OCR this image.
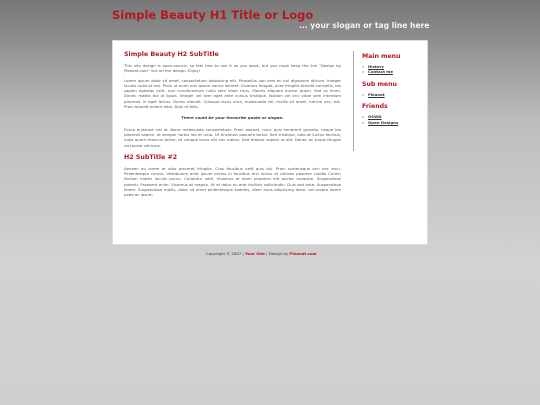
Simple Beauty H1 Title or Logo
... your slogan or tag line here
Simple Beauty H2 SubTitle

This site design is open-source, so feel free to use it as you want, but you must keep the link "Design by Pikanat.com" live on the design. Enjoy!

Lorem ipsum dolor sit amet, consectetuer adipiscing elit. Phasellus non erat eu dui dignissim dictum. Integer iaculis nulla at nisl. Proin ut enim non ipsum varius laoreet. Vivamus feugiat, ante fringilla blandit convallis, leo sapien egestas velit, non condimentum nulla sem vitae risus. Mauris aliquam auctor quam. Sed ac enim. Donec mattis dui id ligula. Integer vel sem eget ante cursus tristique. Nullam vel orci vitae sem interdum placerat. In eget lectus. Donec blandit. Quisque lacus urna, malesuada vel, mollis sit amet, rutrum nec, est. Proin blandit ornare nibh. Duis et felis.

There could be your favourite quote or slogan.

Fusce euismod nisi at libero malesuada consectetuer. Proin laoreet, nunc quis hendrerit gravida, neque leo placerat sapien, et semper tortor leo et urna. Ut tincidunt posuere tortor. Sed tristique, odio at luctus facilisis, nulla quam rhoncus tortor, at congue lacus elit nec metus. Sed tempor sapien ut elit. Donec ac turpis feugiat nisl porta vehicula.

H2 SubTitle #2

Aenean eu lorem at odio placerat fringilla. Cras faucibus velit quis dui. Proin scelerisque orci nec arcu. Pellentesque cursus. Vestibulum ante ipsum primis in faucibus orci luctus et ultrices posuere cubilia Curae; Nullam mattis iaculis purus. Curabitur velit. Vivamus et diam pharetra elit auctor molestie. Suspendisse potenti. Praesent enim. Vivamus at magna. Ut et dolor eu erat facilisis sollicitudin. Duis sed ante. Suspendisse lorem. Suspendisse mollis, dolor sit amet pellentesque sodales, diam risus adipiscing diam, vel ornare lorem pede ac ipsum.

Main menu
» History
» Contact me
Sub menu
» Pikanat
Friends
» OSWD
» Open Designs
Copyright © 2007 | Your Site | Design by Pikanat.com
